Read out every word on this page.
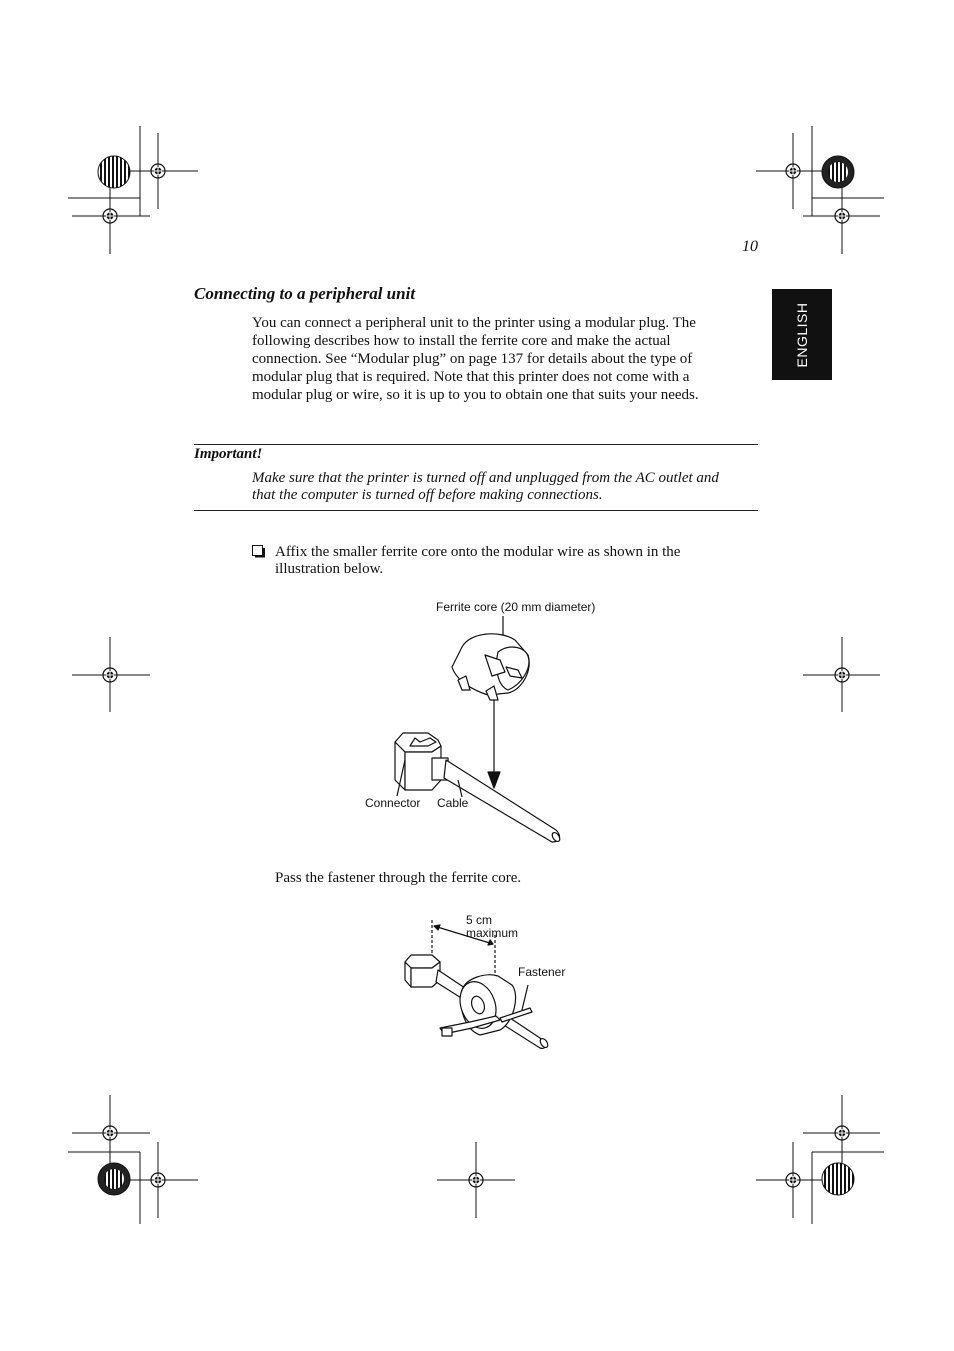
10
ENGLISH
Connecting to a peripheral unit
You can connect a peripheral unit to the printer using a modular plug. The
following describes how to install the ferrite core and make the actual
connection. See “Modular plug” on page 137 for details about the type of
modular plug that is required. Note that this printer does not come with a
modular plug or wire, so it is up to you to obtain one that suits your needs.
Important!
Make sure that the printer is turned off and unplugged from the AC outlet and
that the computer is turned off before making connections.
Affix the smaller ferrite core onto the modular wire as shown in the
illustration below.
Ferrite core (20 mm diameter)
Connector Cable
Pass the fastener through the ferrite core.
5 cm
maximum
Fastener
